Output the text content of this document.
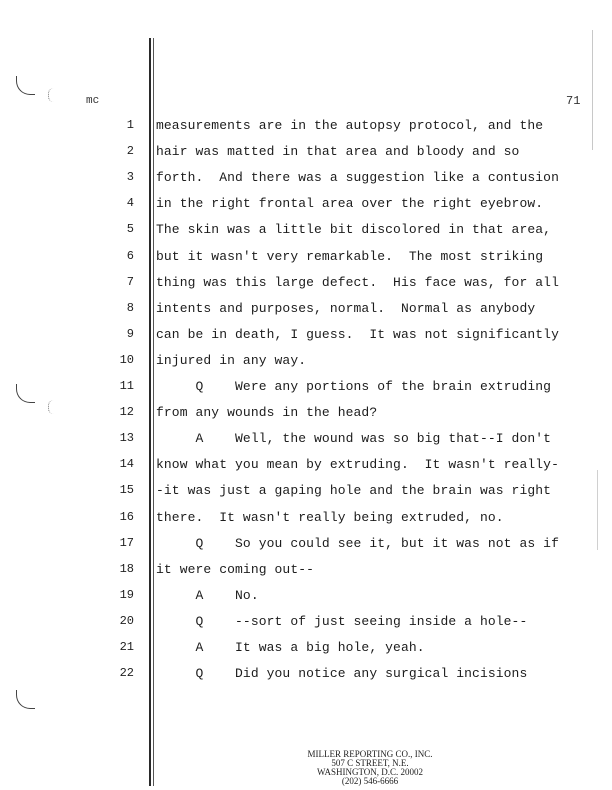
mc	71
1 measurements are in the autopsy protocol, and the
2 hair was matted in that area and bloody and so
3 forth.  And there was a suggestion like a contusion
4 in the right frontal area over the right eyebrow.
5 The skin was a little bit discolored in that area,
6 but it wasn't very remarkable.  The most striking
7 thing was this large defect.  His face was, for all
8 intents and purposes, normal.  Normal as anybody
9 can be in death, I guess.  It was not significantly
10 injured in any way.
11 Q    Were any portions of the brain extruding
12 from any wounds in the head?
13 A    Well, the wound was so big that--I don't
14 know what you mean by extruding.  It wasn't really-
15 -it was just a gaping hole and the brain was right
16 there.  It wasn't really being extruded, no.
17 Q    So you could see it, but it was not as if
18 it were coming out--
19 A    No.
20 Q    --sort of just seeing inside a hole--
21 A    It was a big hole, yeah.
22 Q    Did you notice any surgical incisions
MILLER REPORTING CO., INC.
507 C STREET, N.E.
WASHINGTON, D.C. 20002
(202) 546-6666
